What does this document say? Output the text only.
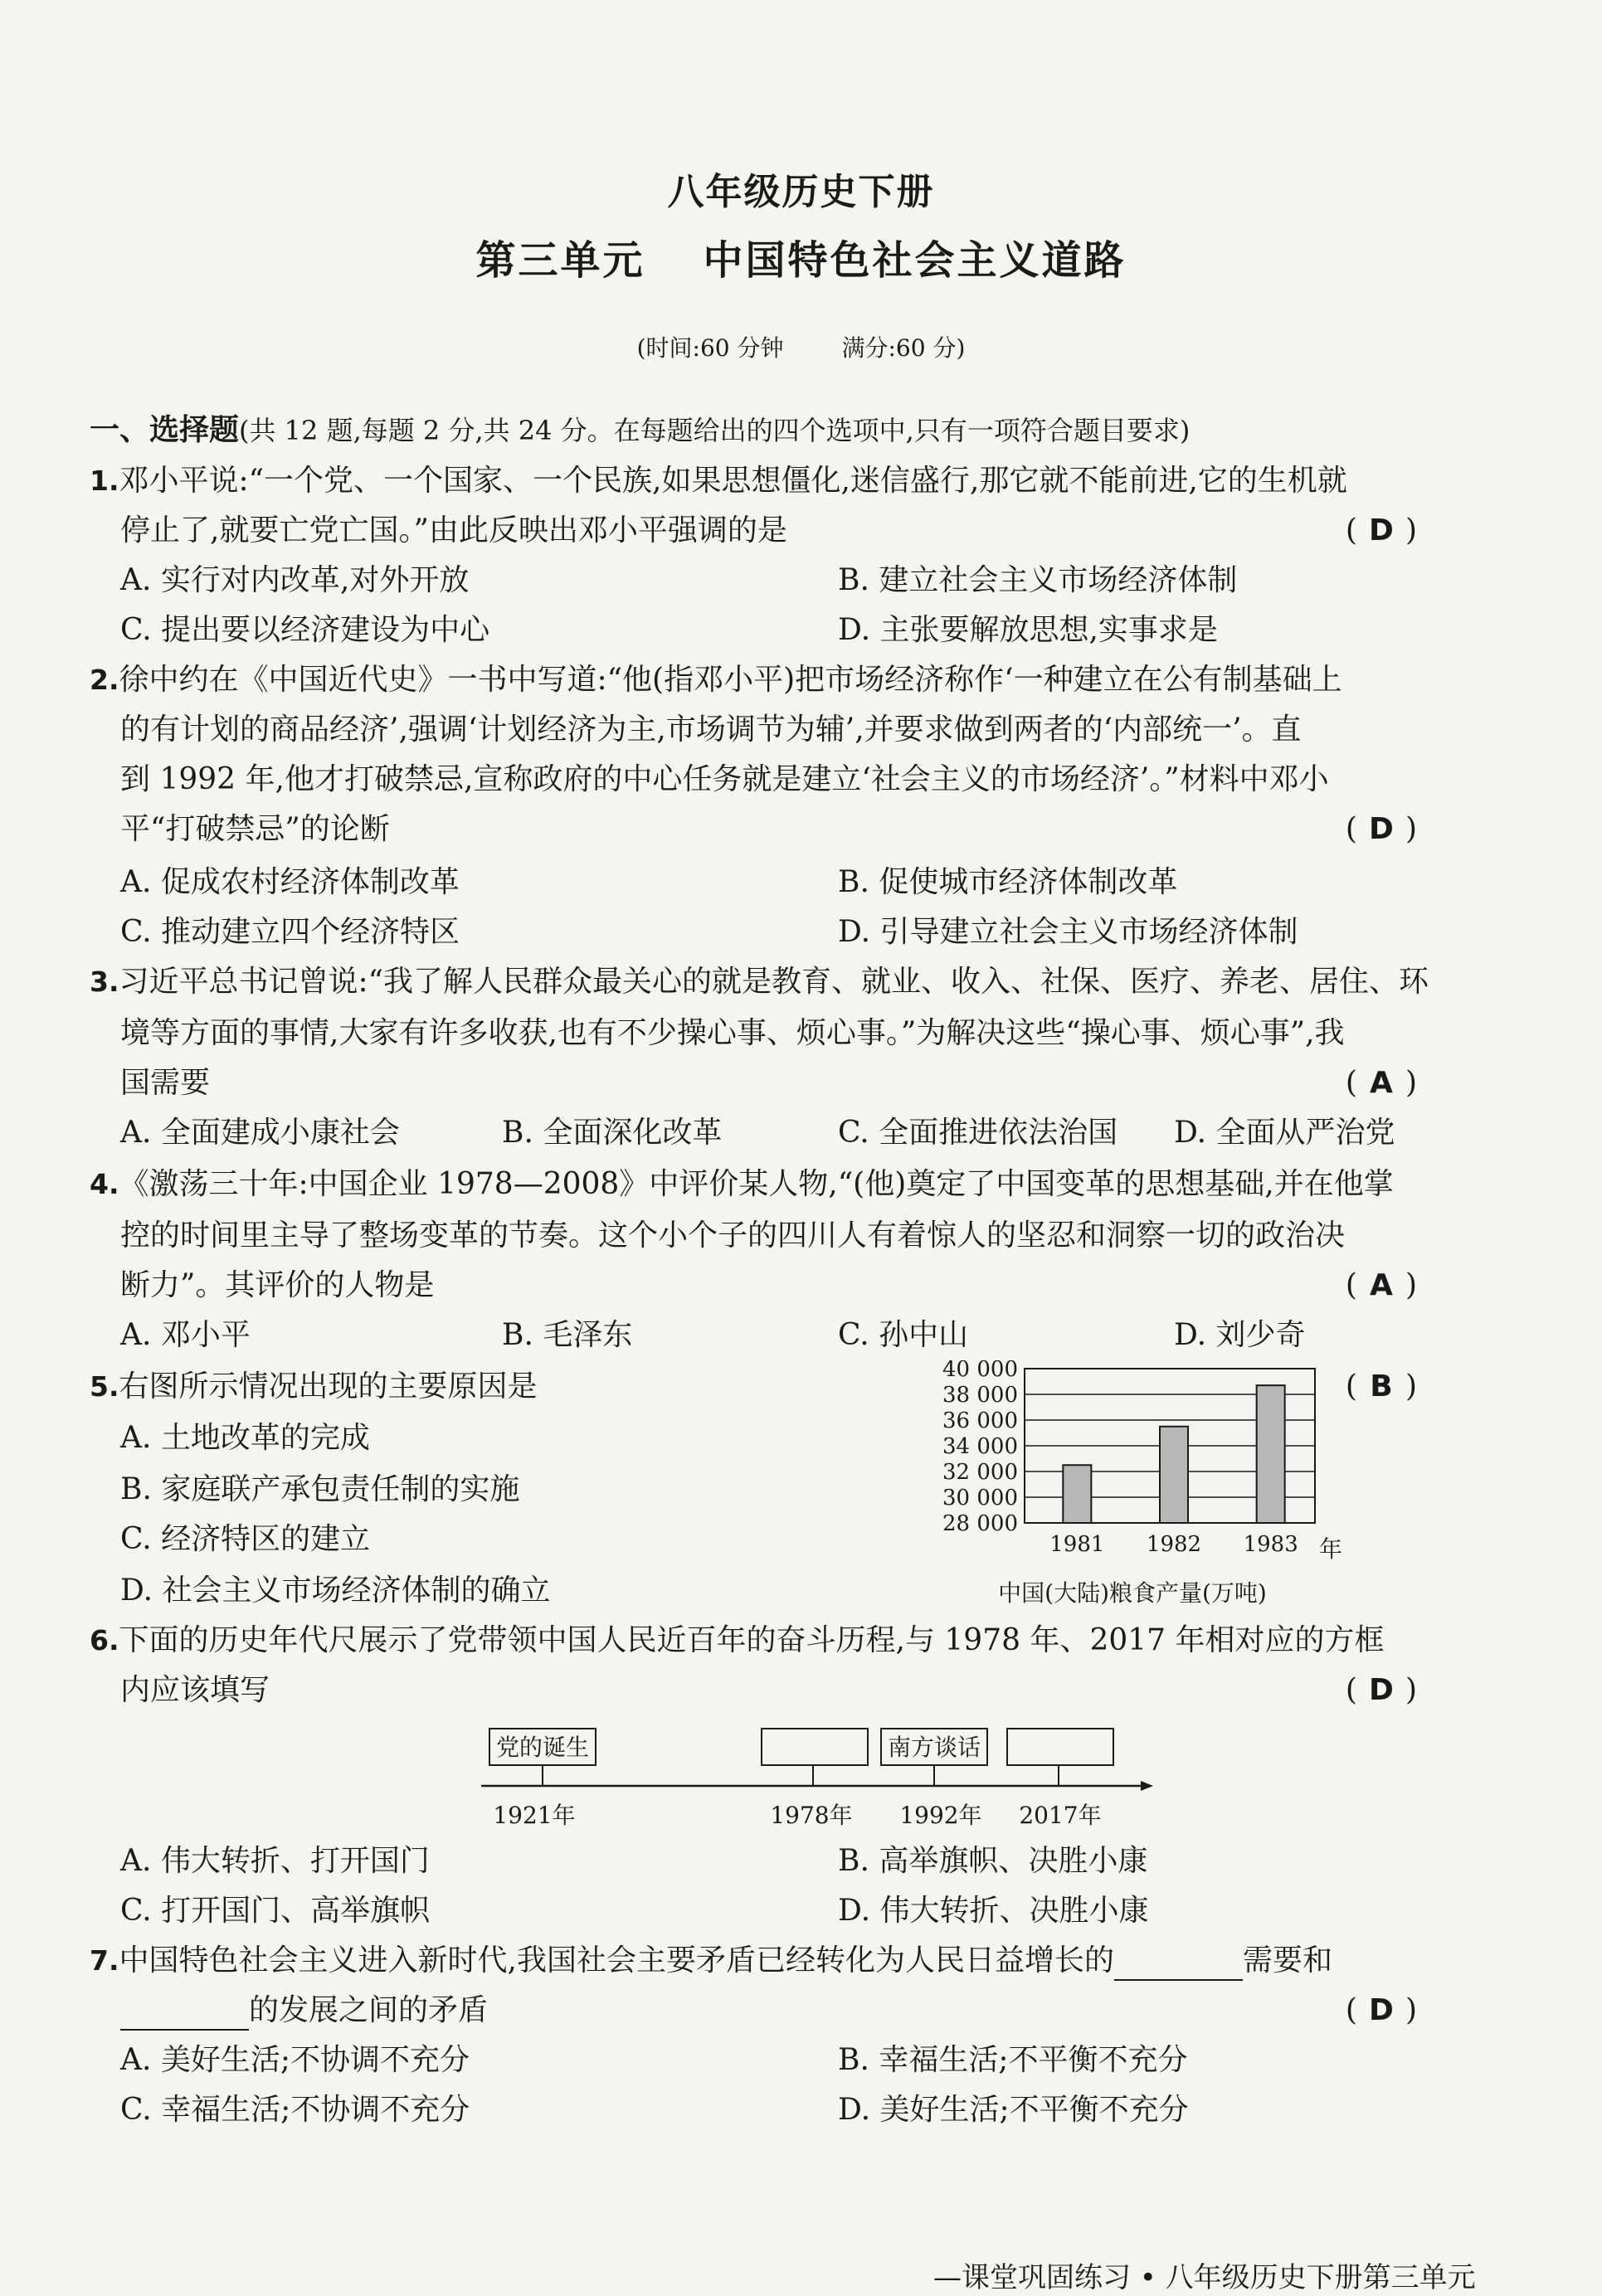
八年级历史下册
第三单元 中国特色社会主义道路
(时间:60 分钟	满分:60 分)
一、选择题(共 12 题,每题 2 分,共 24 分。在每题给出的四个选项中,只有一项符合题目要求)
1.邓小平说:“一个党、一个国家、一个民族,如果思想僵化,迷信盛行,那它就不能前进,它的生机就
停止了,就要亡党亡国。”由此反映出邓小平强调的是	( D )
A. 实行对内改革,对外开放	B. 建立社会主义市场经济体制
C. 提出要以经济建设为中心	D. 主张要解放思想,实事求是
2.徐中约在《中国近代史》一书中写道:“他(指邓小平)把市场经济称作‘一种建立在公有制基础上
的有计划的商品经济’,强调‘计划经济为主,市场调节为辅’,并要求做到两者的‘内部统一’。直
到 1992 年,他才打破禁忌,宣称政府的中心任务就是建立‘社会主义的市场经济’。”材料中邓小
平“打破禁忌”的论断	( D )
A. 促成农村经济体制改革	B. 促使城市经济体制改革
C. 推动建立四个经济特区	D. 引导建立社会主义市场经济体制
3.习近平总书记曾说:“我了解人民群众最关心的就是教育、就业、收入、社保、医疗、养老、居住、环
境等方面的事情,大家有许多收获,也有不少操心事、烦心事。”为解决这些“操心事、烦心事”,我
国需要	( A )
A. 全面建成小康社会	B. 全面深化改革	C. 全面推进依法治国 D. 全面从严治党
4.《激荡三十年:中国企业 1978—2008》中评价某人物,“(他)奠定了中国变革的思想基础,并在他掌
控的时间里主导了整场变革的节奏。这个小个子的四川人有着惊人的坚忍和洞察一切的政治决
断力”。其评价的人物是	( A )
A. 邓小平	B. 毛泽东	C. 孙中山	D. 刘少奇
5.右图所示情况出现的主要原因是	( B )
A. 土地改革的完成
B. 家庭联产承包责任制的实施
C. 经济特区的建立
D. 社会主义市场经济体制的确立
40 000
38 000
36 000
34 000
32 000
30 000
28 000
1981 1982 1983 年
中国(大陆)粮食产量(万吨)
6.下面的历史年代尺展示了党带领中国人民近百年的奋斗历程,与 1978 年、2017 年相对应的方框
内应该填写	( D )
党的诞生
1921年	1978年
南方谈话
1992年 2017年
A. 伟大转折、打开国门	B. 高举旗帜、决胜小康
C. 打开国门、高举旗帜	D. 伟大转折、决胜小康
7.中国特色社会主义进入新时代,我国社会主要矛盾已经转化为人民日益增长的	需要和
的发展之间的矛盾	( D )
A. 美好生活;不协调不充分	B. 幸福生活;不平衡不充分
C. 幸福生活;不协调不充分	D. 美好生活;不平衡不充分
—课堂巩固练习 • 八年级历史下册第三单元
